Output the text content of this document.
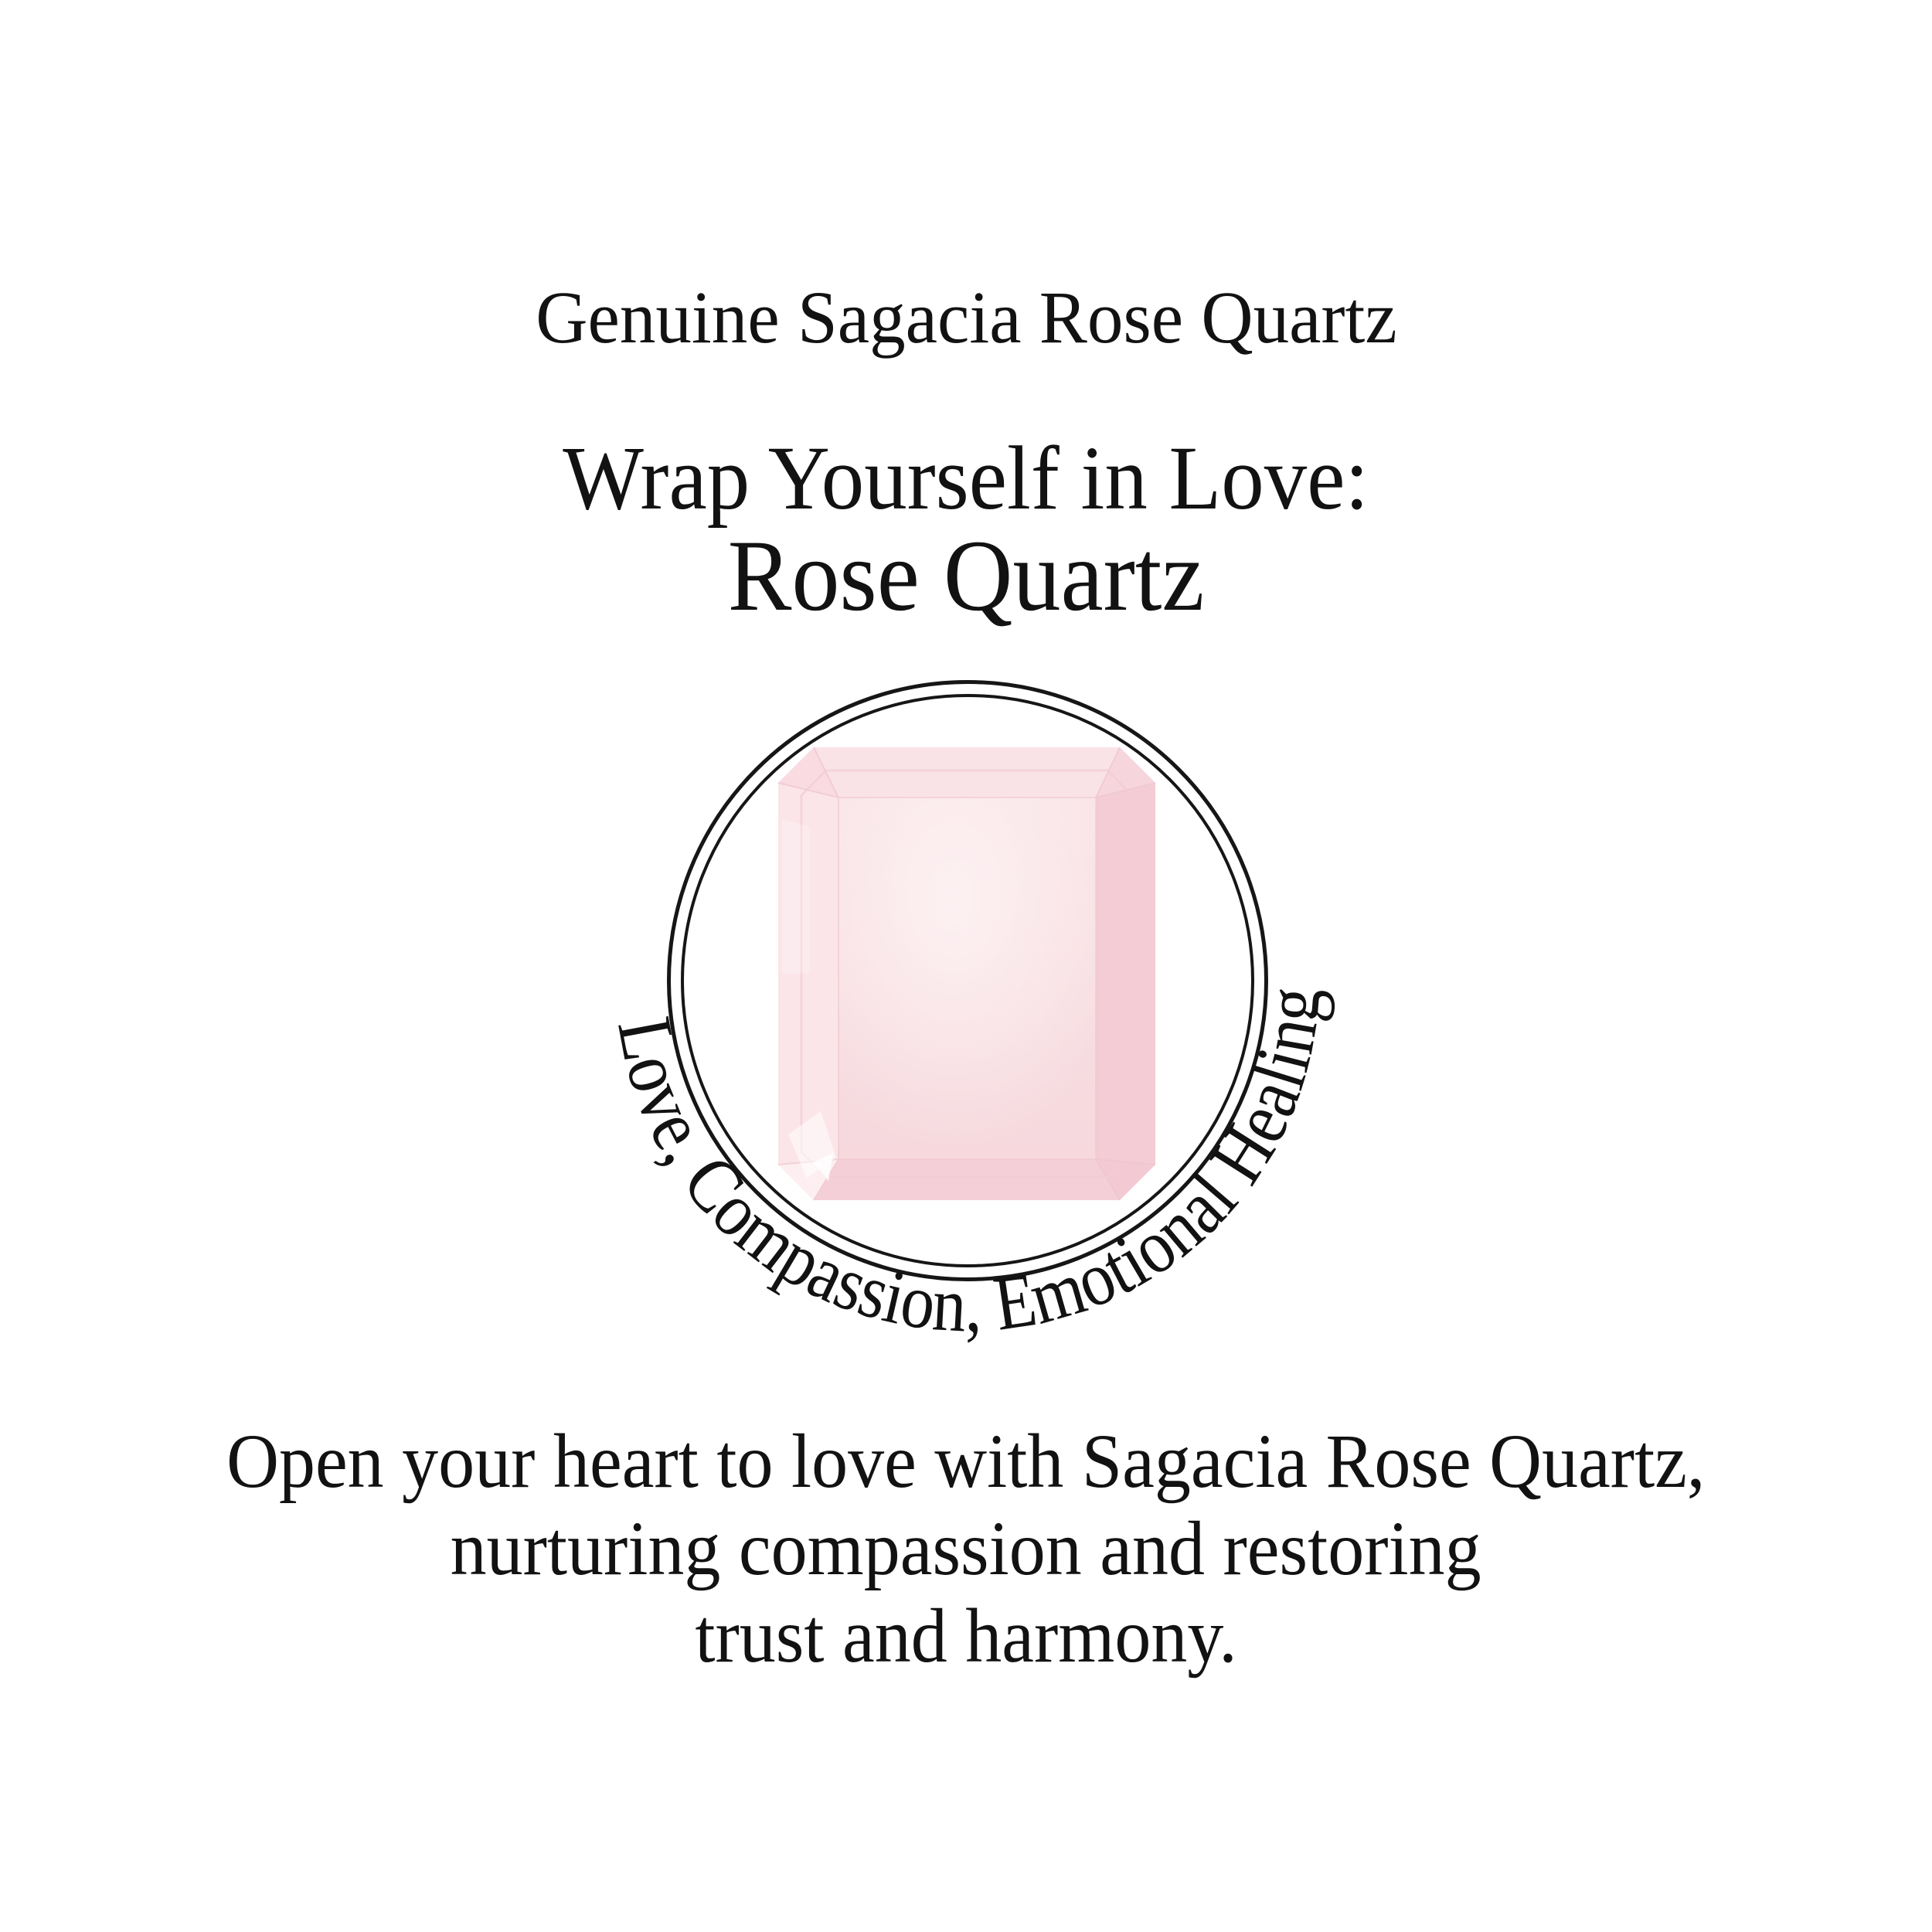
Genuine Sagacia Rose Quartz
Wrap Yourself in Love:
Rose Quartz
Love, Compassion, Emotional Healing
Open your heart to love with Sagacia Rose Quartz,
nurturing compassion and restoring
trust and harmony.
